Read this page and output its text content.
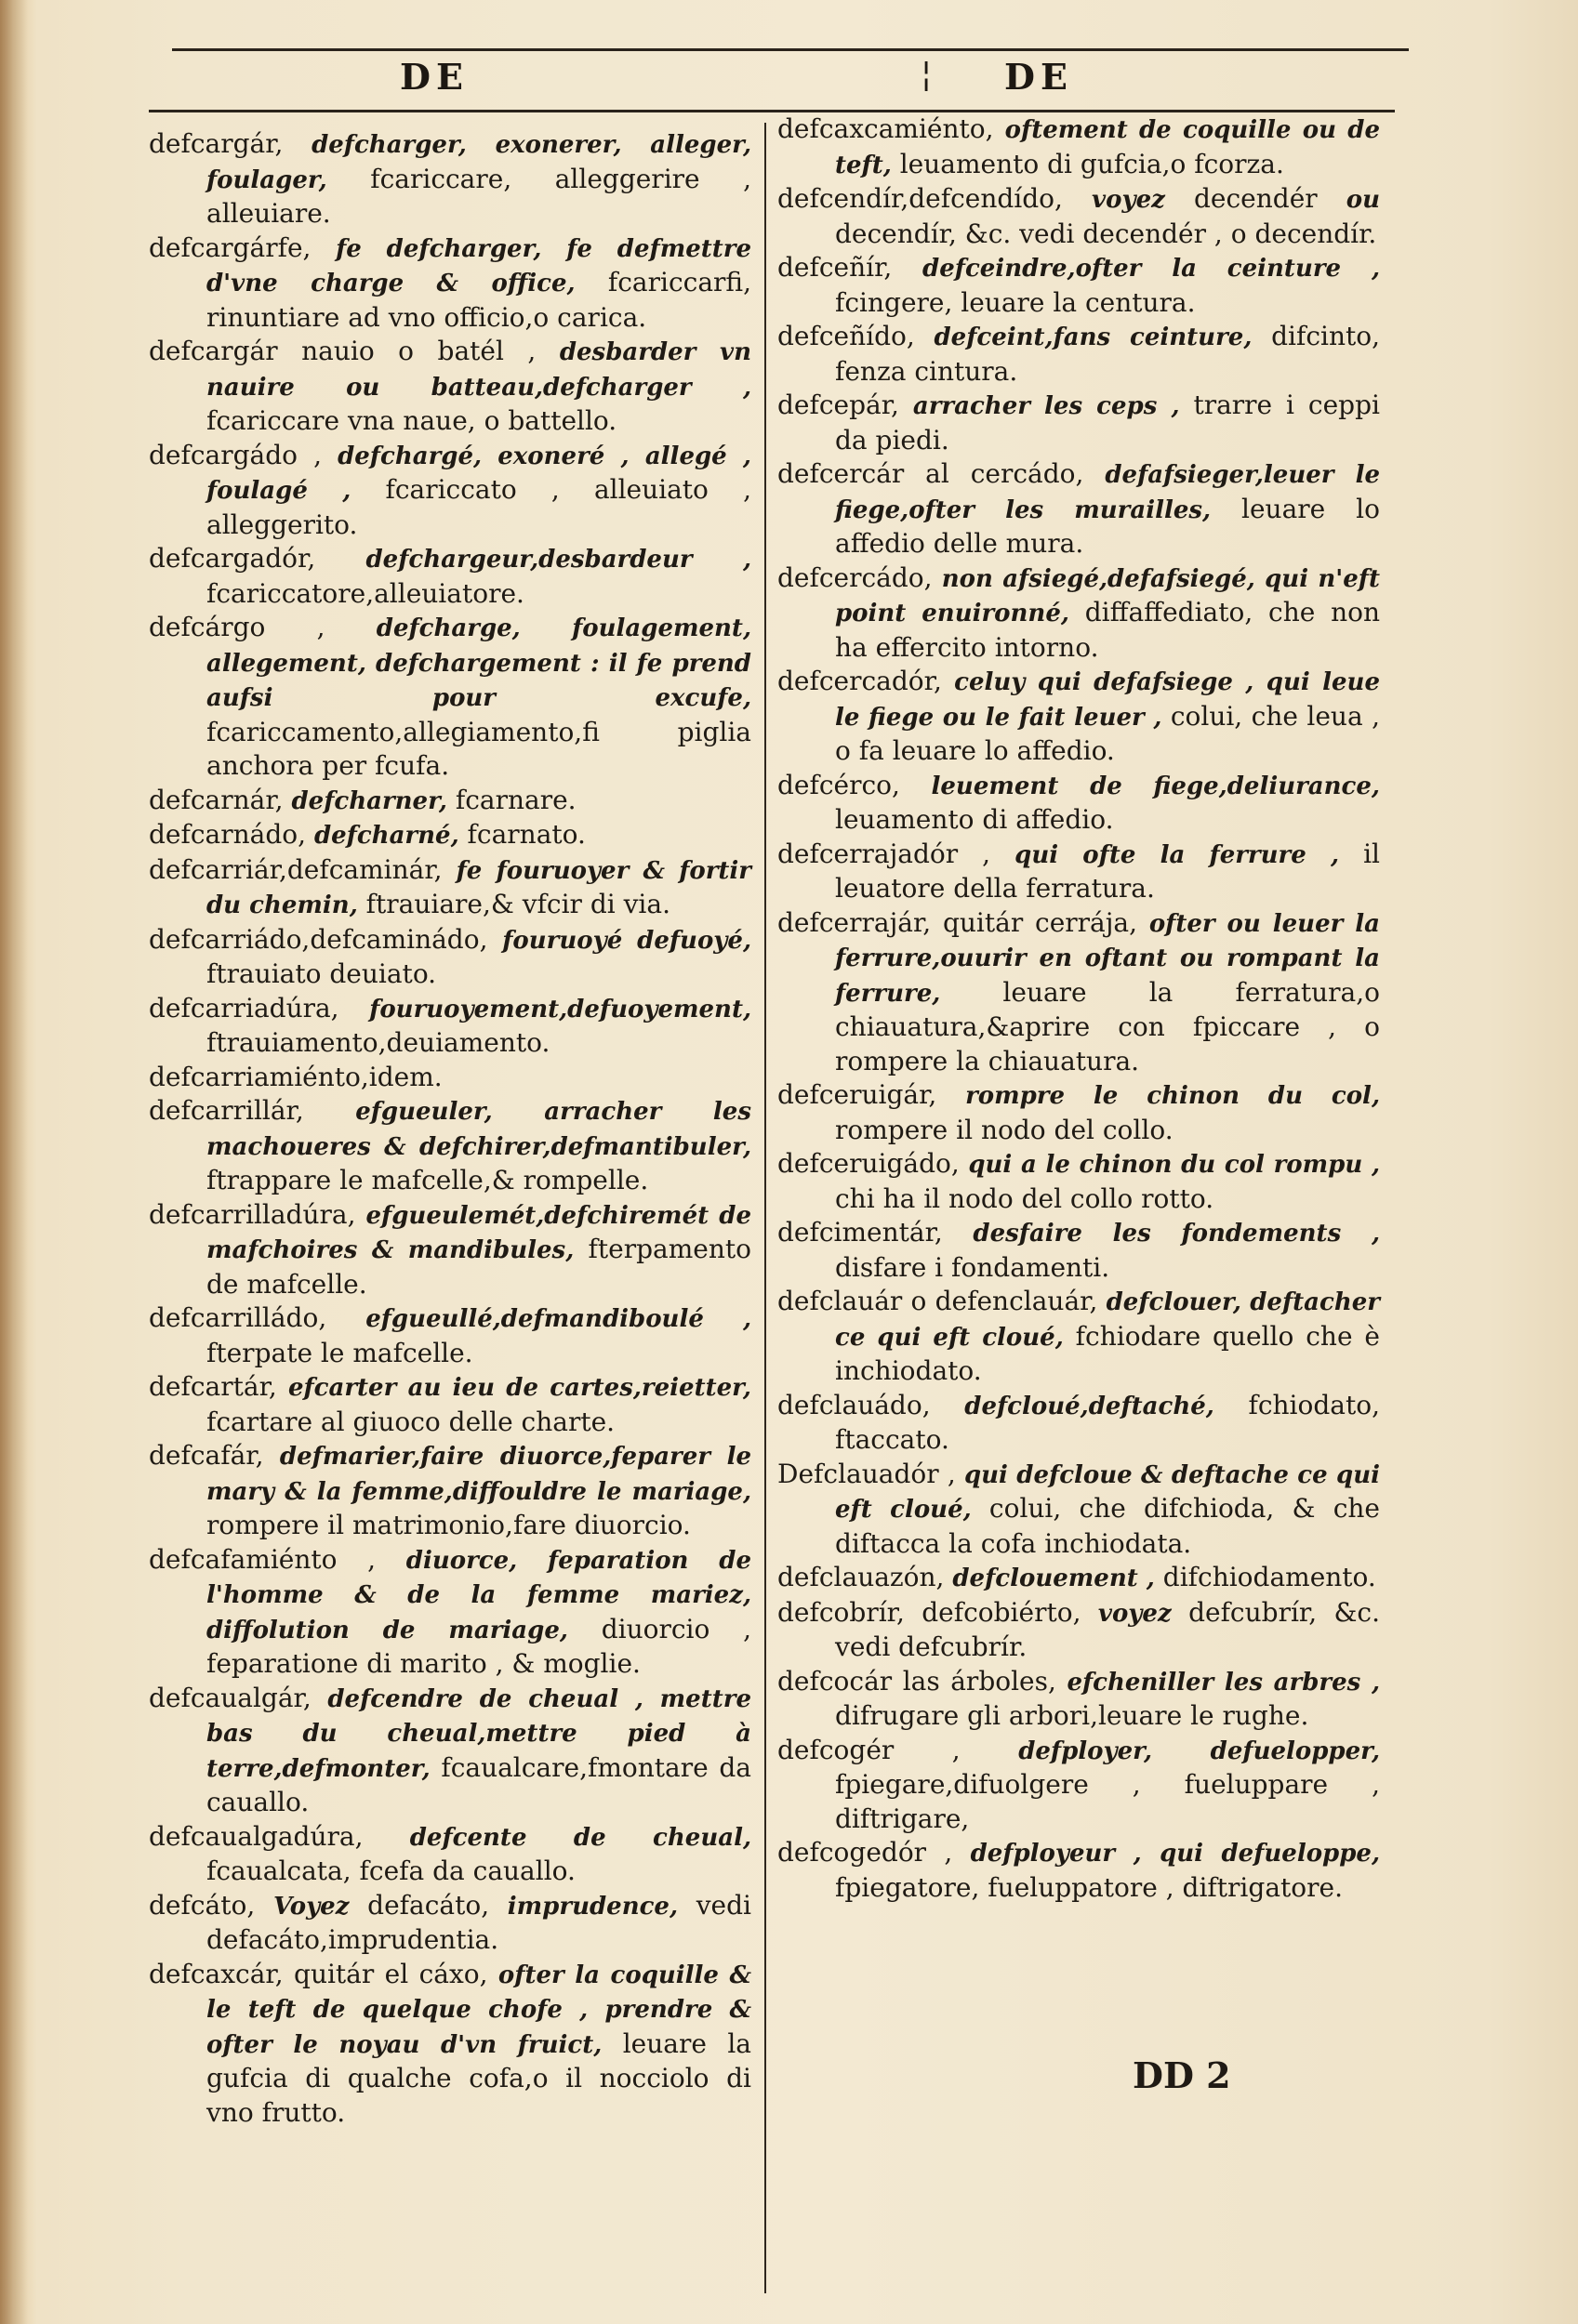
DE	¦ DE

defcargár, defcharger, exonerer, alleger, foulager, fcariccare, alleggerire , alleuiare.

defcargárfe, fe defcharger, fe defmettre d'vne charge & office, fcariccarfi, rinuntiare ad vno officio,o carica.

defcargár nauio o batél , desbarder vn nauire ou batteau,defcharger , fcariccare vna naue, o battello.

defcargádo , defchargé, exoneré , allegé , foulagé , fcariccato , alleuiato , alleggerito.

defcargadór, defchargeur,desbardeur , fcariccatore,alleuiatore.

defcárgo , defcharge, foulagement, allegement, defchargement : il fe prend aufsi pour excufe, fcariccamento,allegiamento,fi piglia anchora per fcufa.

defcarnár, defcharner, fcarnare.

defcarnádo, defcharné, fcarnato.

defcarriár,defcaminár, fe fouruoyer & fortir du chemin, ftrauiare,& vfcir di via.

defcarriádo,defcaminádo, fouruoyé defuoyé, ftrauiato deuiato.

defcarriadúra, fouruoyement,defuoyement, ftrauiamento,deuiamento.

defcarriamiénto,idem.

defcarrillár, efgueuler, arracher les machoueres & defchirer,defmantibuler, ftrappare le mafcelle,& rompelle.

defcarrilladúra, efgueulemét,defchiremét de mafchoires & mandibules, fterpamento de mafcelle.

defcarrilládo, efgueullé,defmandiboulé , fterpate le mafcelle.

defcartár, efcarter au ieu de cartes,reietter, fcartare al giuoco delle charte.

defcafár, defmarier,faire diuorce,feparer le mary & la femme,diffouldre le mariage, rompere il matrimonio,fare diuorcio.

defcafamiénto , diuorce, feparation de l'homme & de la femme mariez, diffolution de mariage, diuorcio , feparatione di marito , & moglie.

defcaualgár, defcendre de cheual , mettre bas du cheual,mettre pied à terre,defmonter, fcaualcare,fmontare da cauallo.

defcaualgadúra, defcente de cheual, fcaualcata, fcefa da cauallo.

defcáto, Voyez defacáto, imprudence, vedi defacáto,imprudentia.

defcaxcár, quitár el cáxo, ofter la coquille & le teft de quelque chofe , prendre & ofter le noyau d'vn fruict, leuare la gufcia di qualche cofa,o il nocciolo di vno frutto.

defcaxcamiénto, oftement de coquille ou de teft, leuamento di gufcia,o fcorza.

defcendír,defcendído, voyez decendér ou decendír, &c. vedi decendér , o decendír.

defceñír, defceindre,ofter la ceinture , fcingere, leuare la centura.

defceñído, defceint,fans ceinture, difcinto, fenza cintura.

defcepár, arracher les ceps , trarre i ceppi da piedi.

defcercár al cercádo, defafsieger,leuer le fiege,ofter les murailles, leuare lo affedio delle mura.

defcercádo, non afsiegé,defafsiegé, qui n'eft point enuironné, diffaffediato, che non ha effercito intorno.

defcercadór, celuy qui defafsiege , qui leue le fiege ou le fait leuer , colui, che leua , o fa leuare lo affedio.

defcérco, leuement de fiege,deliurance, leuamento di affedio.

defcerrajadór , qui ofte la ferrure , il leuatore della ferratura.

defcerrajár, quitár cerrája, ofter ou leuer la ferrure,ouurir en oftant ou rompant la ferrure, leuare la ferratura,o chiauatura,&aprire con fpiccare , o rompere la chiauatura.

defceruigár, rompre le chinon du col, rompere il nodo del collo.

defceruigádo, qui a le chinon du col rompu , chi ha il nodo del collo rotto.

defcimentár, desfaire les fondements , disfare i fondamenti.

defclauár o defenclauár, defclouer, deftacher ce qui eft cloué, fchiodare quello che è inchiodato.

defclauádo, defcloué,deftaché, fchiodato, ftaccato.

Defclauadór , qui defcloue & deftache ce qui eft cloué, colui, che difchioda, & che diftacca la cofa inchiodata.

defclauazón, defclouement , difchiodamento.

defcobrír, defcobiérto, voyez defcubrír, &c. vedi defcubrír.

defcocár las árboles, efcheniller les arbres , difrugare gli arbori,leuare le rughe.

defcogér , defployer, defuelopper, fpiegare,difuolgere , fueluppare , diftrigare,

defcogedór , defployeur , qui defueloppe, fpiegatore, fueluppatore , diftrigatore.

DD 2
